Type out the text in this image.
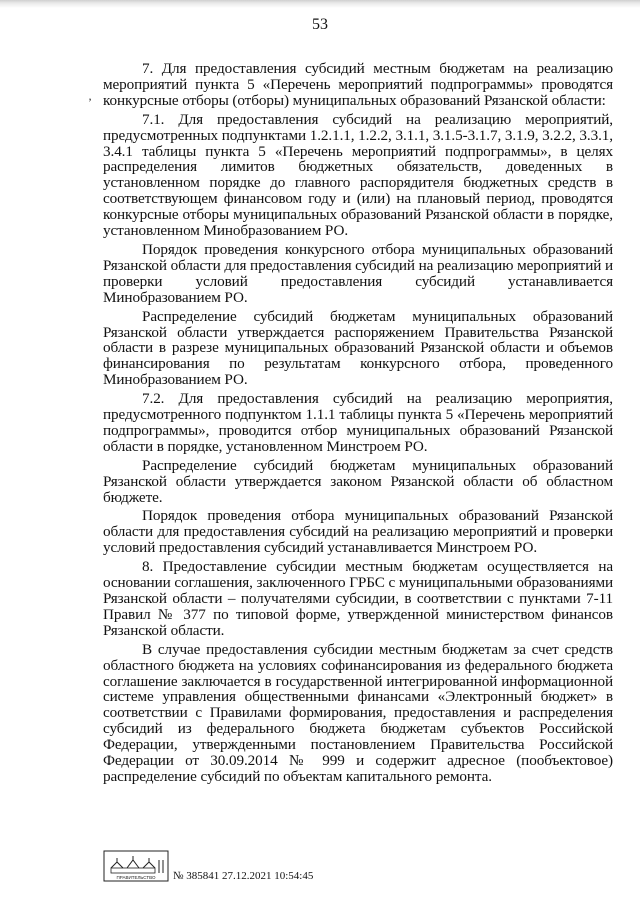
53
’

7. Для предоставления субсидий местным бюджетам на реализацию мероприятий пункта 5 «Перечень мероприятий подпрограммы» проводятся конкурсные отборы (отборы) муниципальных образований Рязанской области:

7.1. Для предоставления субсидий на реализацию мероприятий, предусмотренных подпунктами 1.2.1.1, 1.2.2, 3.1.1, 3.1.5-3.1.7, 3.1.9, 3.2.2, 3.3.1, 3.4.1 таблицы пункта 5 «Перечень мероприятий подпрограммы», в целях распределения лимитов бюджетных обязательств, доведенных в установленном порядке до главного распорядителя бюджетных средств в соответствующем финансовом году и (или) на плановый период, проводятся конкурсные отборы муниципальных образований Рязанской области в порядке, установленном Минобразованием РО.

Порядок проведения конкурсного отбора муниципальных образований Рязанской области для предоставления субсидий на реализацию мероприятий и проверки условий предоставления субсидий устанавливается Минобразованием РО.

Распределение субсидий бюджетам муниципальных образований Рязанской области утверждается распоряжением Правительства Рязанской области в разрезе муниципальных образований Рязанской области и объемов финансирования по результатам конкурсного отбора, проведенного Минобразованием РО.

7.2. Для предоставления субсидий на реализацию мероприятия, предусмотренного подпунктом 1.1.1 таблицы пункта 5 «Перечень мероприятий подпрограммы», проводится отбор муниципальных образований Рязанской области в порядке, установленном Минстроем РО.

Распределение субсидий бюджетам муниципальных образований Рязанской области утверждается законом Рязанской области об областном бюджете.

Порядок проведения отбора муниципальных образований Рязанской области для предоставления субсидий на реализацию мероприятий и проверки условий предоставления субсидий устанавливается Минстроем РО.

8. Предоставление субсидии местным бюджетам осуществляется на основании соглашения, заключенного ГРБС с муниципальными образованиями Рязанской области – получателями субсидии, в соответствии с пунктами 7-11 Правил № 377 по типовой форме, утвержденной министерством финансов Рязанской области.

В случае предоставления субсидии местным бюджетам за счет средств областного бюджета на условиях софинансирования из федерального бюджета соглашение заключается в государственной интегрированной информационной системе управления общественными финансами «Электронный бюджет» в соответствии с Правилами формирования, предоставления и распределения субсидий из федерального бюджета бюджетам субъектов Российской Федерации, утвержденными постановлением Правительства Российской Федерации от 30.09.2014 № 999 и содержит адресное (пообъектовое) распределение субсидий по объектам капитального ремонта.

ПРАВИТЕЛЬСТВО № 385841 27.12.2021 10:54:45
